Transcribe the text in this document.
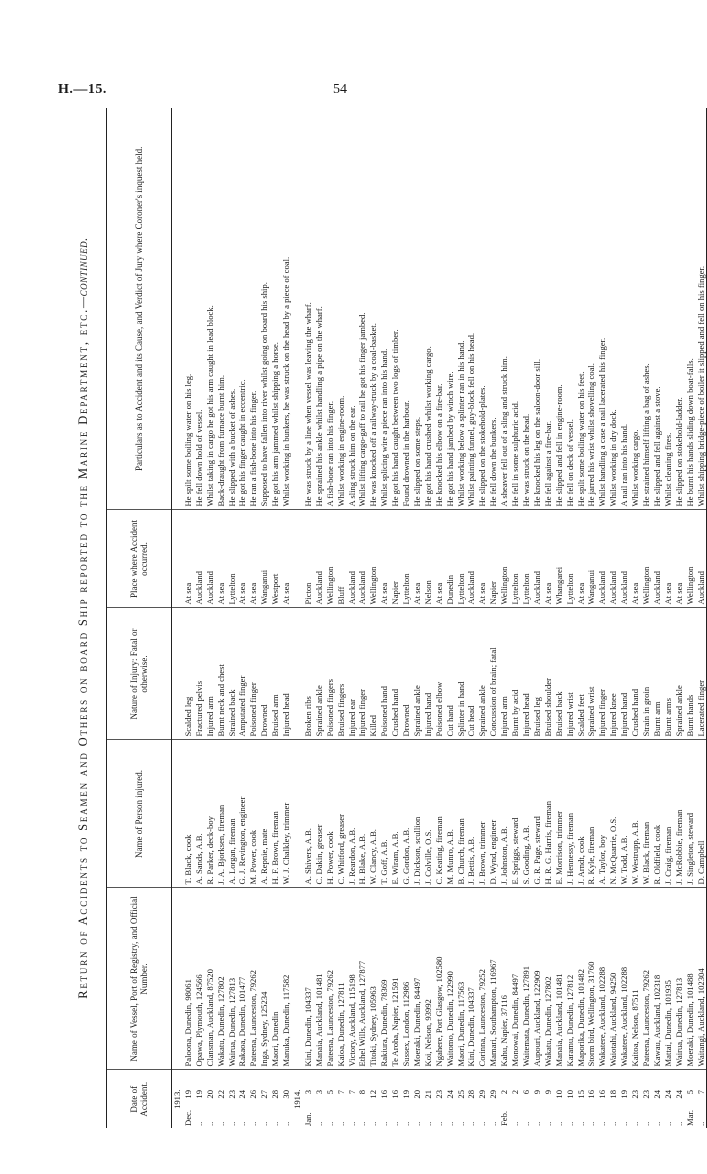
H.—15.	54
Return of Accidents to Seamen and Others on board Ship reported to the Marine Department, etc.—continued.
Date of Accident.	Name of Vessel, Port of Registry, and Official Number.	Name of Person injured.	Nature of Injury: Fatal or otherwise.	Place where Accident occurred.	Particulars as to Accident and its Cause, and Verdict of Jury where Coroner's inquest held.
1913.					
Dec.19	Paloona, Dunedin, 98061	T. Black, cook	Scalded leg	At sea	He spilt some boiling water on his leg.
..19	Opawa, Plymouth, 124566	A. Sands, A.B.	Fractured pelvis	Auckland	He fell down hold of vessel.
..20	Clansman, Auckland, 87520	R. Parker, deck-boy	Injured arm	Auckland	Whilst taking in cargo he got his arm caught in lead block.
..22	Wakatu, Dunedin, 127802	J. A. Bjorksen, fireman	Burnt neck and chest	At sea	Back-draught from furnace burnt him.
..23	Wairua, Dunedin, 127813	A. Lorgan, fireman	Strained back	Lyttelton	He slipped with a bucket of ashes.
..24	Rakaoa, Dunedin, 101477	G. J. Revington, engineer	Amputated finger	At sea	He got his finger caught in eccentric.
..26	Pateena, Launceston, 79262	M. Power, cook	Poisoned finger	At sea	He ran a fish-bone into his finger.
..27	Inga, Sydney, 125234	A. Repnie, mate	Drowned	Wanganui	Supposed to have fallen into river whilst going on board his ship.
..28	Maori, Dunedin	H. F. Brown, fireman	Bruised arm	Westport	He got his arm jammed whilst shipping a horse.
..30	Manuka, Dunedin, 117582	W. J. Chalkley, trimmer	Injured head	At sea	Whilst working in bunkers, he was struck on the head by a piece of coal.
1914.					
Jan.3	Kini, Dunedin, 104337	A. Shivers, A.B.	Broken ribs	Picton	He was struck by a line when vessel was leaving the wharf.
..3	Manaia, Auckland, 101481	C. Dakin, greaser	Sprained ankle	Auckland	He sprained his ankle whilst handling a pipe on the wharf.
..5	Pateena, Launceston, 79262	H. Power, cook	Poisoned fingers	Wellington	A fish-bone ran into his finger.
..7	Kaioa, Dunedin, 127811	C. Whitford, greaser	Bruised fingers	Bluff	Whilst working in engine-room.
..7	Victory, Auckland, 115198	J. Reardon, A.B.	Injured ear	Auckland	A sling struck him on the ear.
..8	Ethel Wills, Auckland, 127877	H. Blake, A.B.	Injured finger	Auckland	Whilst lifting cargo-gaff to rail he got his finger jambed.
..12	Titoki, Sydney, 105963	W. Clancy, A.B.	Killed	Wellington	He was knocked off a railway-truck by a coal-basket.
..16	Rakiura, Dunedin, 78369	T. Goff, A.B.	Poisoned hand	At sea	Whilst splicing wire a piece ran into his hand.
..16	Te Aroha, Napier, 121591	E. Wiram, A.B.	Crushed hand	Napier	He got his hand caught between two logs of timber.
..19	Sussex, London, 112986	G. Gordon, A.B.	Drowned	Lyttelton	Found drowned in the harbour.
..20	Moeraki, Dunedin, 84497	J. Dickson, scullion	Sprained ankle	At sea	He slipped on some steps.
..21	Koi, Nelson, 93992	J. Colville, O.S.	Injured hand	Nelson	He got his hand crushed whilst working cargo.
..23	Ngahere, Port Glasgow, 102580	C. Keating, fireman	Poisoned elbow	At sea	He knocked his elbow on a fire-bar.
..24	Waitomo, Dunedin, 122990	M. Munro, A.B.	Cut hand	Dunedin	He got his hand jambed by winch wire.
..25	Maori, Dunedin, 117563	B. Church, fireman	Splinter in hand	Lyttelton	Whilst working below a splinter ran in his hand.
..28	Kini, Dunedin, 104337	J. Bettis, A.B.	Cut head	Auckland	Whilst painting funnel, guy-block fell on his head.
..29	Corinna, Launceston, 79252	J. Brown, trimmer	Sprained ankle	At sea	He slipped on the stokehold-plates.
..29	Mamari, Southampton, 116967	D. Wynd, engineer	Concussion of brain; fatal	Napier	He fell down the bunkers.
Feb.2	Kahu, Napier, 37116	J. Johnston, A.B.	Injured arm	Wellington	A sheaver fell out of a sling and struck him.
..2	Monowai, Dunedin, 84497	E. Spriggs, steward	Burnt by acid	Lyttelton	He fell in some sulphuric acid.
..6	Waitemata, Dunedin, 127891	S. Gooding, A.B.	Injured head	Lyttelton	He was struck on the head.
..9	Aupouri, Auckland, 122909	G. R. Page, steward	Bruised leg	Auckland	He knocked his leg on the saloon-door sill.
..9	Wakatu, Dunedin, 127802	H. R. G. Harris, fireman	Bruised shoulder	At sea	He fell against a fire-bar.
..10	Manaia, Auckland, 101481	E. Morrison, trimmer	Bruised back	Whangarei	He slipped and fell in engine-room.
..10	Karamu, Dunedin, 127812	J. Hennessy, fireman	Injured wrist	Lyttelton	He fell on deck of vessel.
..15	Maporika, Dunedin, 101482	J. Arndt, cook	Scalded feet	At sea	He spilt some boiling water on his feet.
..16	Storm bird, Wellington, 31760	R. Kyle, fireman	Sprained wrist	Wanganui	He jarred his wrist whilst shovelling coal.
..16	Wakatere, Auckland, 102288	A. Taylor, boy	Injured finger	Auckland	Whilst handling a case a nail lacerated his finger.
..18	Waiotahi, Auckland, 94250	N. McQuarrie, O.S.	Injured knee	Auckland	Whilst working in dry dock.
..19	Wakatere, Auckland, 102288	W. Todd, A.B.	Injured hand	Auckland	A nail ran into his hand.
..23	Kaitoa, Nelson, 87511	W. Westrupp, A.B.	Crushed hand	At sea	Whilst working cargo.
..23	Pateena, Launceston, 79262	W. Black, fireman	Strain in groin	Wellington	He strained himself lifting a bag of ashes.
..24	Kawau, Auckland, 102318	R. Oldfield, cook	Burnt arm	Auckland	He slipped and fell against a stove.
..24	Mattai, Dunedin, 101935	J. Craig, fireman	Burnt arms	At sea	Whilst cleaning fires.
..24	Wairua, Dunedin, 127813	J. McRobbie, fireman	Sprained ankle	At sea	He slipped on stokehold-ladder.
Mar.5	Moeraki, Dunedin, 101488	J. Singleton, steward	Burnt hands	Wellington	He burnt his hands sliding down boat-falls.
..7	Waitangi, Auckland, 102304	D. Campbell	Lacerated finger	Auckland	Whilst shipping bridge-piece of boiler it slipped and fell on his finger.
